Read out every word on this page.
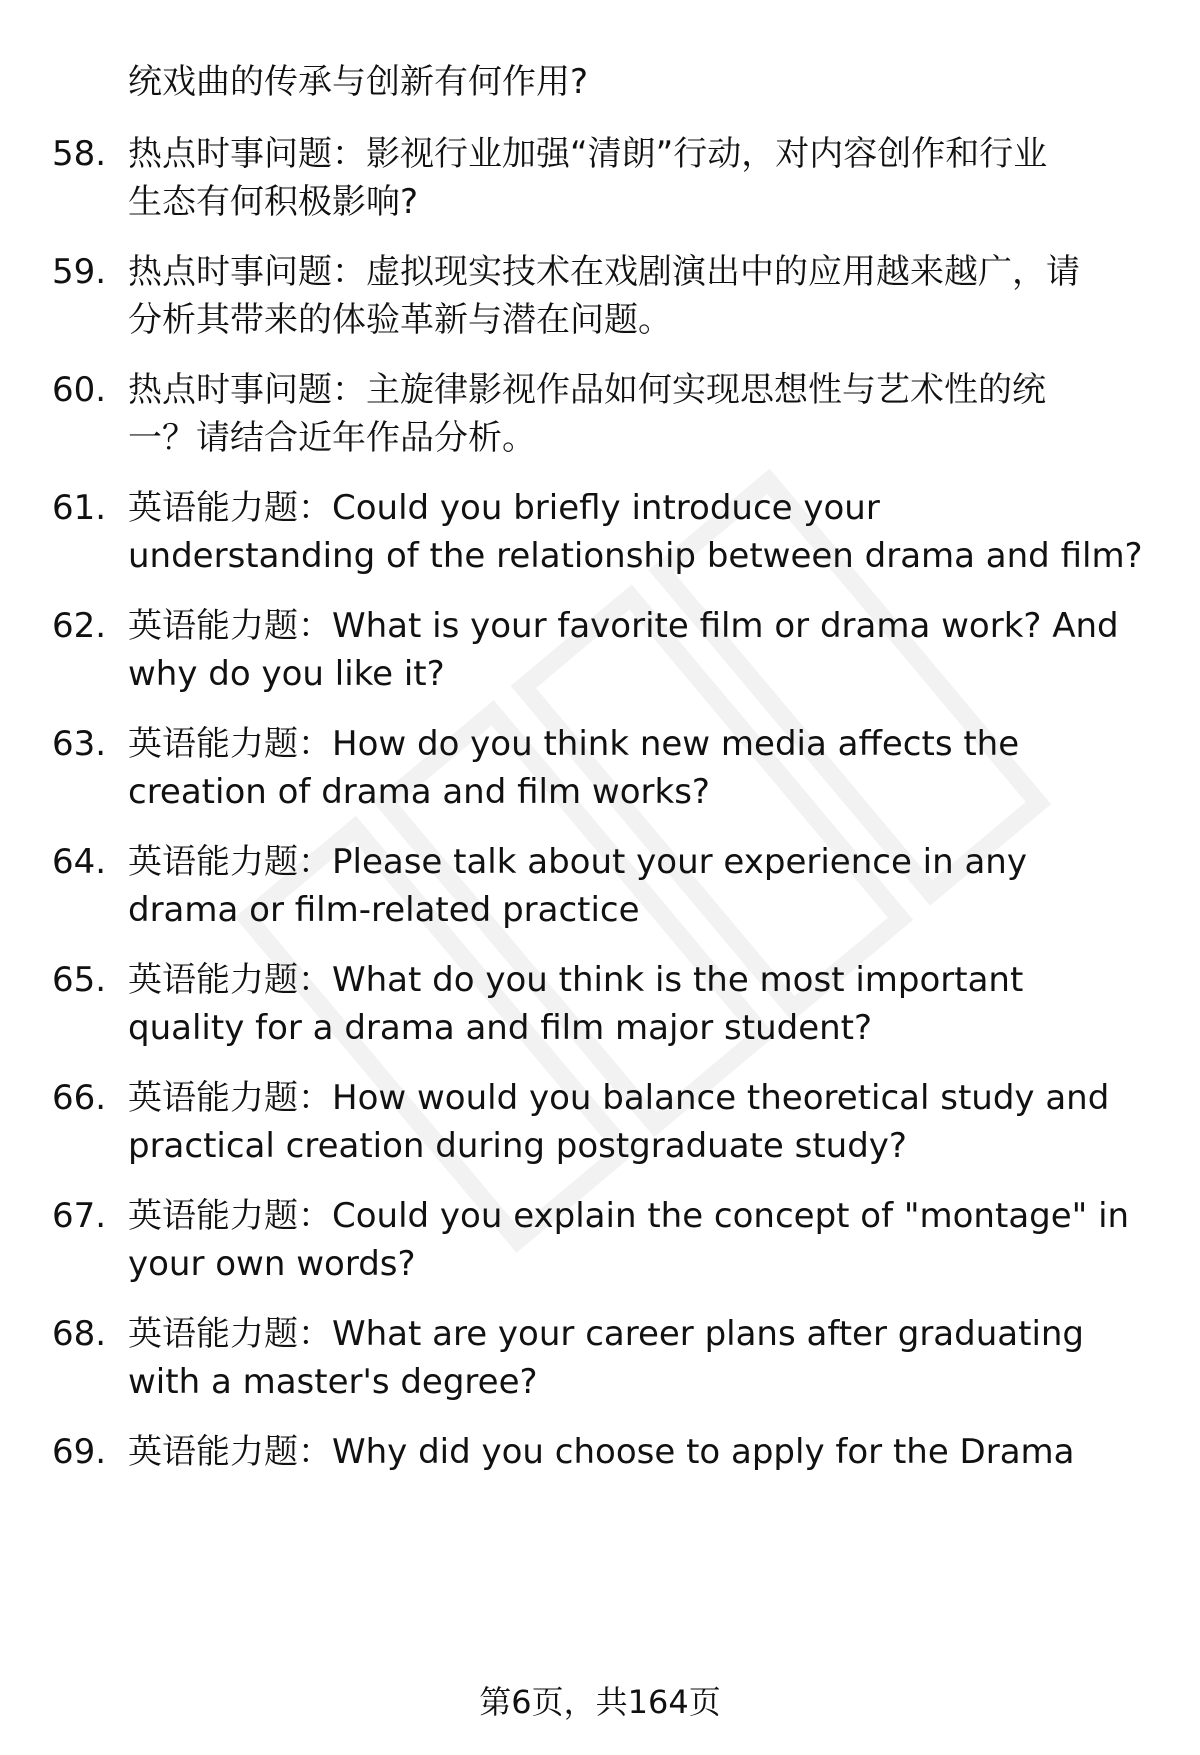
统戏曲的传承与创新有何作用?
58. 热点时事问题：影视行业加强“清朗”行动，对内容创作和行业
生态有何积极影响?
59. 热点时事问题：虚拟现实技术在戏剧演出中的应用越来越广，请
分析其带来的体验革新与潜在问题。
60. 热点时事问题：主旋律影视作品如何实现思想性与艺术性的统
一？请结合近年作品分析。
61. 英语能力题：Could you briefly introduce your
understanding of the relationship between drama and film?
62. 英语能力题：What is your favorite film or drama work? And
why do you like it?
63. 英语能力题：How do you think new media affects the
creation of drama and film works?
64. 英语能力题：Please talk about your experience in any
drama or film-related practice
65. 英语能力题：What do you think is the most important
quality for a drama and film major student?
66. 英语能力题：How would you balance theoretical study and
practical creation during postgraduate study?
67. 英语能力题：Could you explain the concept of "montage" in
your own words?
68. 英语能力题：What are your career plans after graduating
with a master's degree?
69. 英语能力题：Why did you choose to apply for the Drama
第6页，共164页
